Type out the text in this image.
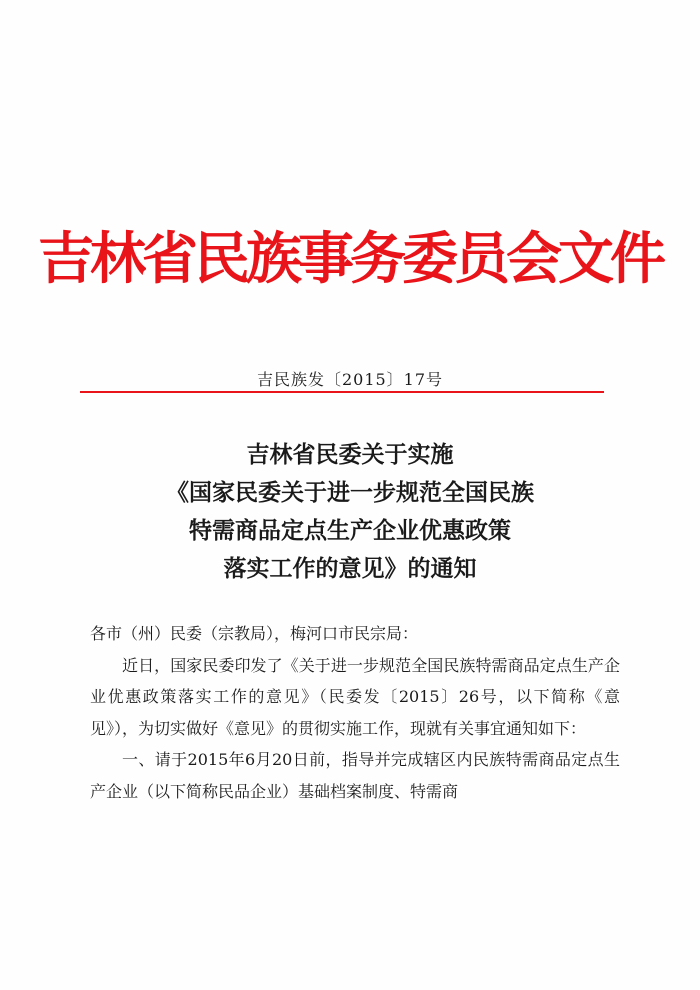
吉林省民族事务委员会文件
吉民族发〔2015〕17号
吉林省民委关于实施
《国家民委关于进一步规范全国民族
特需商品定点生产企业优惠政策
落实工作的意见》的通知

各市（州）民委（宗教局），梅河口市民宗局：

近日，国家民委印发了《关于进一步规范全国民族特需商品定点生产企业优惠政策落实工作的意见》（民委发〔2015〕26号，以下简称《意见》），为切实做好《意见》的贯彻实施工作，现就有关事宜通知如下：

一、请于2015年6月20日前，指导并完成辖区内民族特需商品定点生产企业（以下简称民品企业）基础档案制度、特需商
